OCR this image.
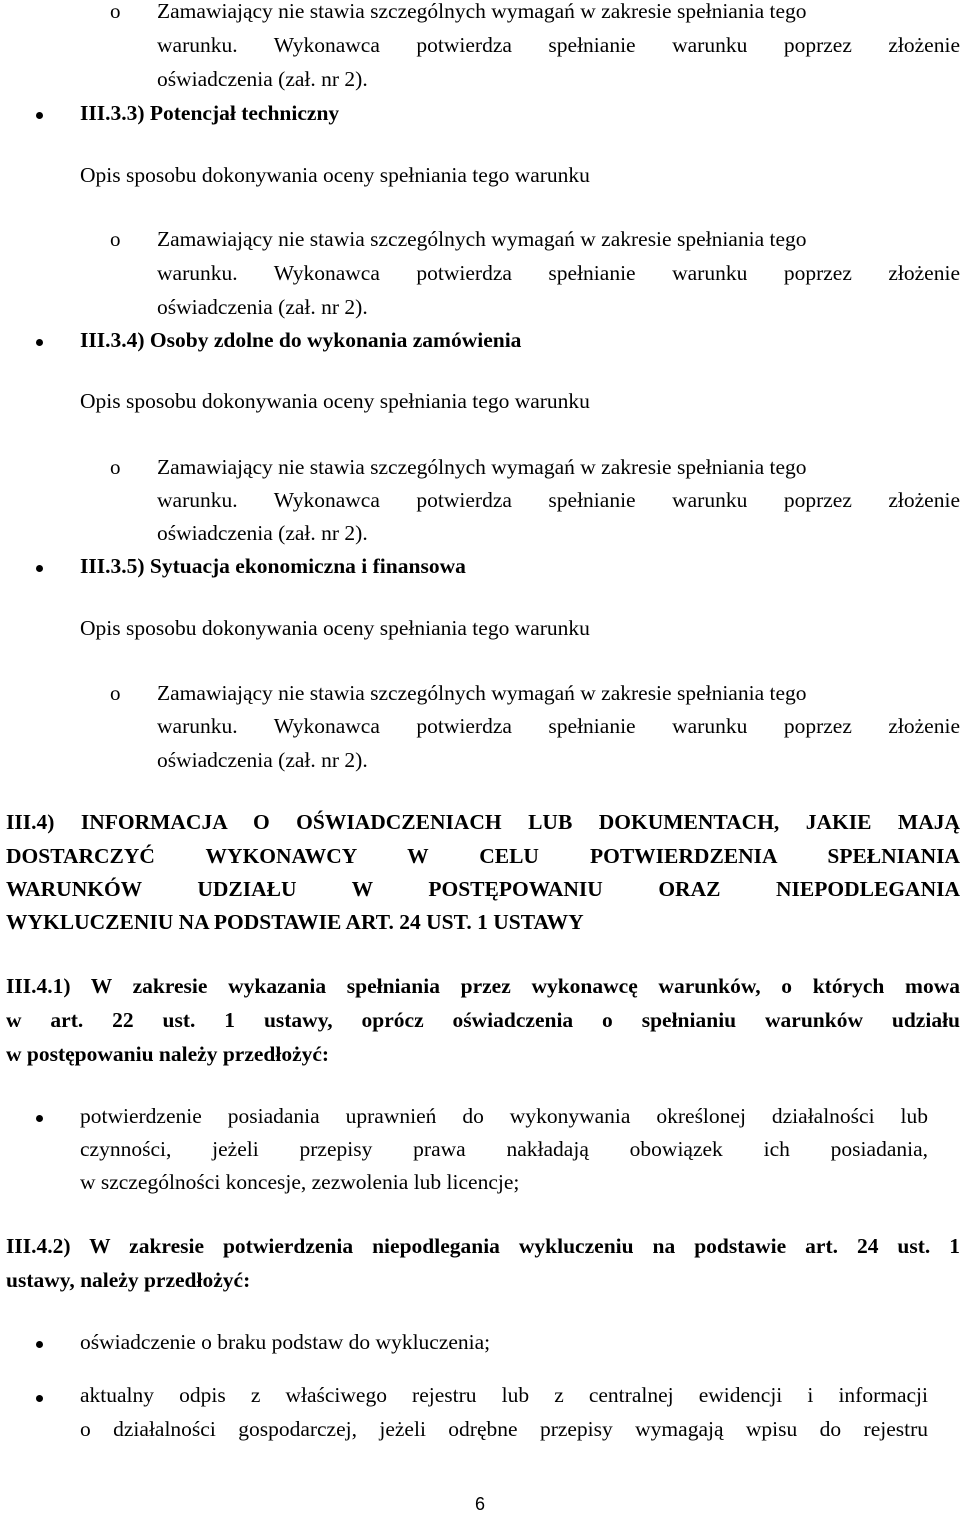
o Zamawiający nie stawia szczególnych wymagań w zakresie spełniania tego
warunku. Wykonawca potwierdza spełnianie warunku poprzez złożenie
oświadczenia (zał. nr 2).
III.3.3) Potencjał techniczny
Opis sposobu dokonywania oceny spełniania tego warunku
o Zamawiający nie stawia szczególnych wymagań w zakresie spełniania tego
warunku. Wykonawca potwierdza spełnianie warunku poprzez złożenie
oświadczenia (zał. nr 2).
III.3.4) Osoby zdolne do wykonania zamówienia
Opis sposobu dokonywania oceny spełniania tego warunku
o Zamawiający nie stawia szczególnych wymagań w zakresie spełniania tego
warunku. Wykonawca potwierdza spełnianie warunku poprzez złożenie
oświadczenia (zał. nr 2).
III.3.5) Sytuacja ekonomiczna i finansowa
Opis sposobu dokonywania oceny spełniania tego warunku
o Zamawiający nie stawia szczególnych wymagań w zakresie spełniania tego
warunku. Wykonawca potwierdza spełnianie warunku poprzez złożenie
oświadczenia (zał. nr 2).
III.4) INFORMACJA O OŚWIADCZENIACH LUB DOKUMENTACH, JAKIE MAJĄ
DOSTARCZYĆ WYKONAWCY W CELU POTWIERDZENIA SPEŁNIANIA
WARUNKÓW UDZIAŁU W POSTĘPOWANIU ORAZ NIEPODLEGANIA
WYKLUCZENIU NA PODSTAWIE ART. 24 UST. 1 USTAWY
III.4.1) W zakresie wykazania spełniania przez wykonawcę warunków, o których mowa
w art. 22 ust. 1 ustawy, oprócz oświadczenia o spełnianiu warunków udziału
w postępowaniu należy przedłożyć:
potwierdzenie posiadania uprawnień do wykonywania określonej działalności lub
czynności, jeżeli przepisy prawa nakładają obowiązek ich posiadania,
w szczególności koncesje, zezwolenia lub licencje;
III.4.2) W zakresie potwierdzenia niepodlegania wykluczeniu na podstawie art. 24 ust. 1
ustawy, należy przedłożyć:
oświadczenie o braku podstaw do wykluczenia;
aktualny odpis z właściwego rejestru lub z centralnej ewidencji i informacji
o działalności gospodarczej, jeżeli odrębne przepisy wymagają wpisu do rejestru
6
